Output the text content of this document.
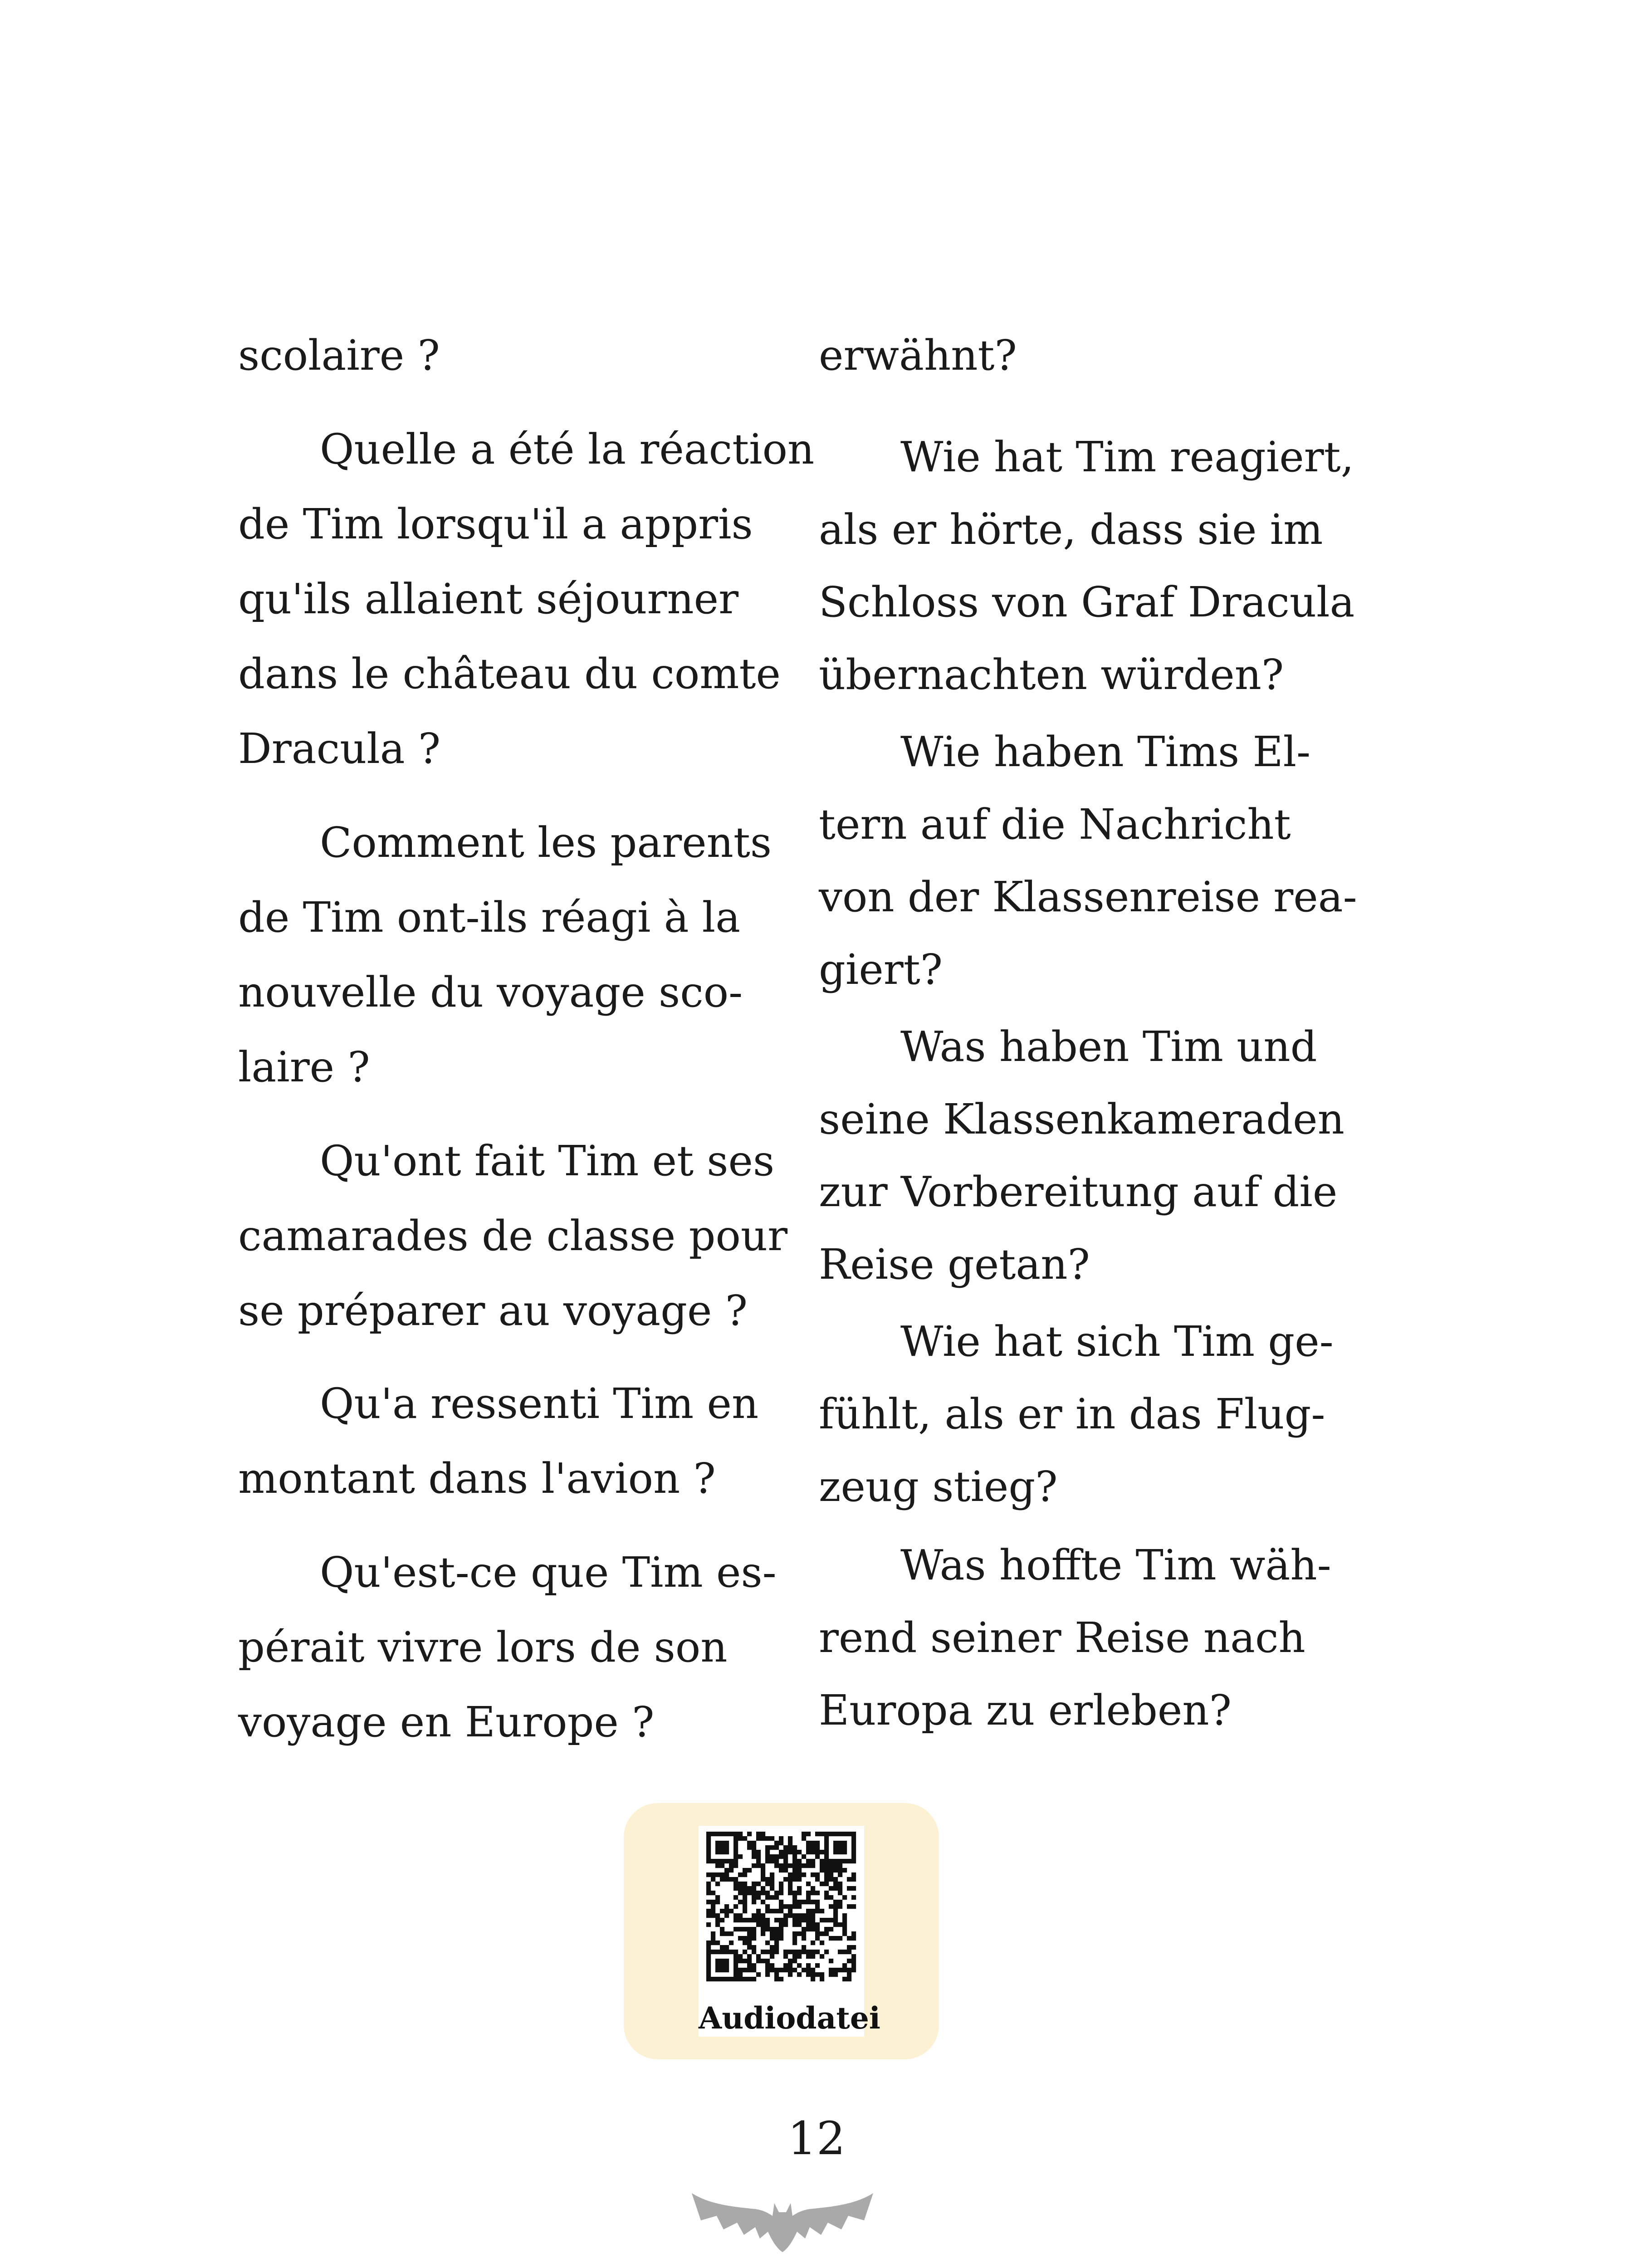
scolaire ?
Quelle a été la réaction
de Tim lorsqu'il a appris
qu'ils allaient séjourner
dans le château du comte
Dracula ?
Comment les parents
de Tim ont-ils réagi à la
nouvelle du voyage sco-
laire ?
Qu'ont fait Tim et ses
camarades de classe pour
se préparer au voyage ?
Qu'a ressenti Tim en
montant dans l'avion ?
Qu'est-ce que Tim es-
pérait vivre lors de son
voyage en Europe ?
erwähnt?
Wie hat Tim reagiert,
als er hörte, dass sie im
Schloss von Graf Dracula
übernachten würden?
Wie haben Tims El-
tern auf die Nachricht
von der Klassenreise rea-
giert?
Was haben Tim und
seine Klassenkameraden
zur Vorbereitung auf die
Reise getan?
Wie hat sich Tim ge-
fühlt, als er in das Flug-
zeug stieg?
Was hoffte Tim wäh-
rend seiner Reise nach
Europa zu erleben?
Audiodatei
12
